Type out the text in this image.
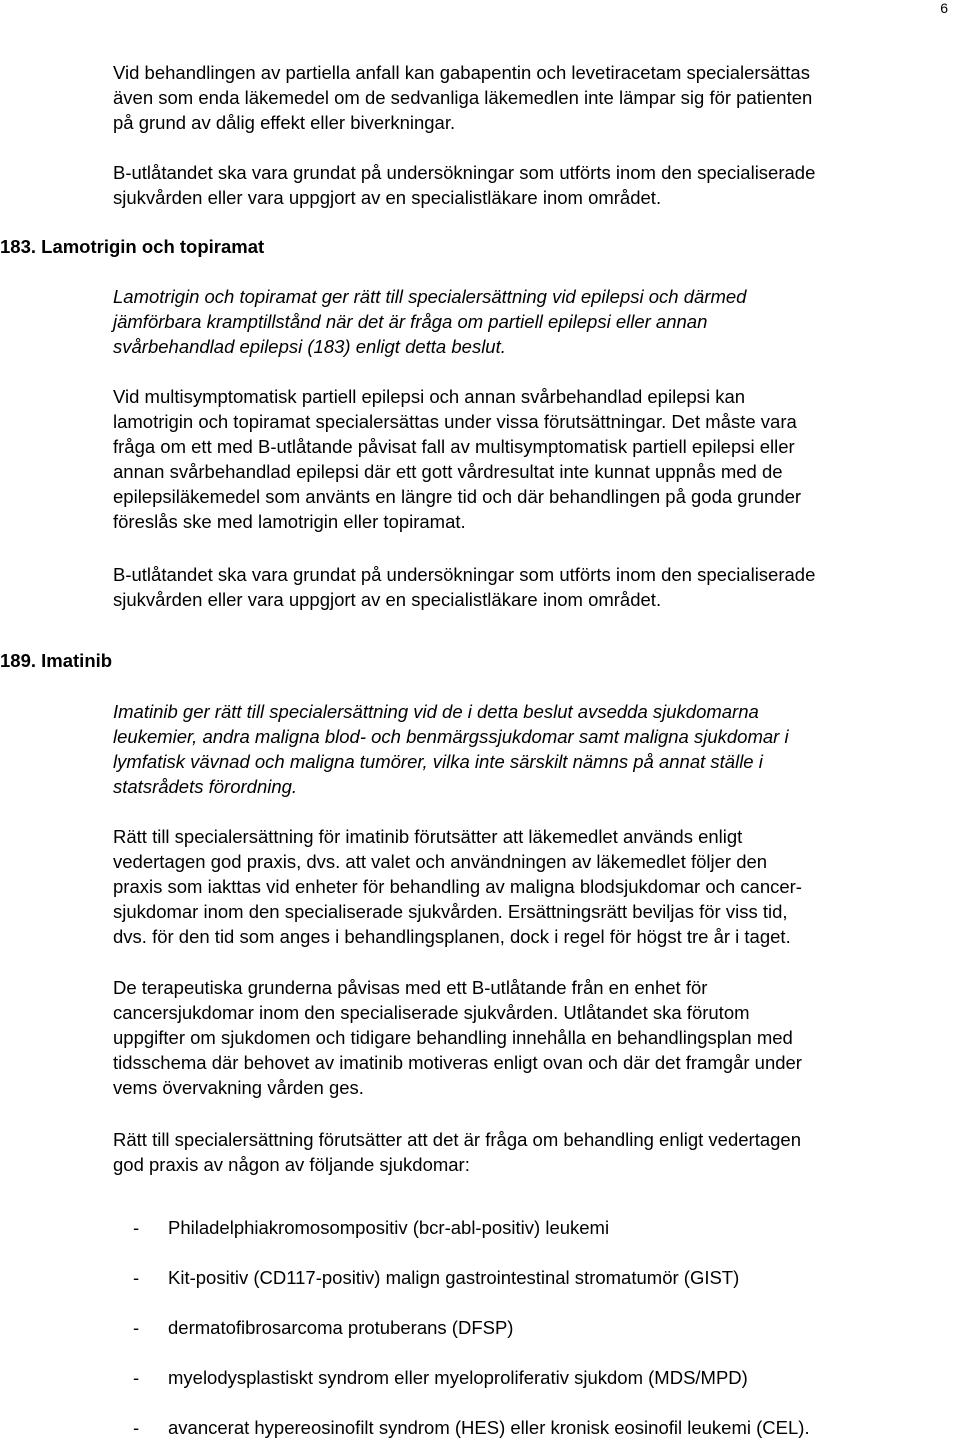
6
Vid behandlingen av partiella anfall kan gabapentin och levetiracetam specialersättas
även som enda läkemedel om de sedvanliga läkemedlen inte lämpar sig för patienten
på grund av dålig effekt eller biverkningar.
B-utlåtandet ska vara grundat på undersökningar som utförts inom den specialiserade
sjukvården eller vara uppgjort av en specialistläkare inom området.
183. Lamotrigin och topiramat
Lamotrigin och topiramat ger rätt till specialersättning vid epilepsi och därmed
jämförbara kramptillstånd när det är fråga om partiell epilepsi eller annan
svårbehandlad epilepsi (183) enligt detta beslut.
Vid multisymptomatisk partiell epilepsi och annan svårbehandlad epilepsi kan
lamotrigin och topiramat specialersättas under vissa förutsättningar. Det måste vara
fråga om ett med B-utlåtande påvisat fall av multisymptomatisk partiell epilepsi eller
annan svårbehandlad epilepsi där ett gott vårdresultat inte kunnat uppnås med de
epilepsiläkemedel som använts en längre tid och där behandlingen på goda grunder
föreslås ske med lamotrigin eller topiramat.
B-utlåtandet ska vara grundat på undersökningar som utförts inom den specialiserade
sjukvården eller vara uppgjort av en specialistläkare inom området.
189. Imatinib
Imatinib ger rätt till specialersättning vid de i detta beslut avsedda sjukdomarna
leukemier, andra maligna blod- och benmärgssjukdomar samt maligna sjukdomar i
lymfatisk vävnad och maligna tumörer, vilka inte särskilt nämns på annat ställe i
statsrådets förordning.
Rätt till specialersättning för imatinib förutsätter att läkemedlet används enligt
vedertagen god praxis, dvs. att valet och användningen av läkemedlet följer den
praxis som iakttas vid enheter för behandling av maligna blodsjukdomar och cancer-
sjukdomar inom den specialiserade sjukvården. Ersättningsrätt beviljas för viss tid,
dvs. för den tid som anges i behandlingsplanen, dock i regel för högst tre år i taget.
De terapeutiska grunderna påvisas med ett B-utlåtande från en enhet för
cancersjukdomar inom den specialiserade sjukvården. Utlåtandet ska förutom
uppgifter om sjukdomen och tidigare behandling innehålla en behandlingsplan med
tidsschema där behovet av imatinib motiveras enligt ovan och där det framgår under
vems övervakning vården ges.
Rätt till specialersättning förutsätter att det är fråga om behandling enligt vedertagen
god praxis av någon av följande sjukdomar:
- Philadelphiakromosompositiv (bcr-abl-positiv) leukemi
- Kit-positiv (CD117-positiv) malign gastrointestinal stromatumör (GIST)
- dermatofibrosarcoma protuberans (DFSP)
- myelodysplastiskt syndrom eller myeloproliferativ sjukdom (MDS/MPD)
- avancerat hypereosinofilt syndrom (HES) eller kronisk eosinofil leukemi (CEL).
